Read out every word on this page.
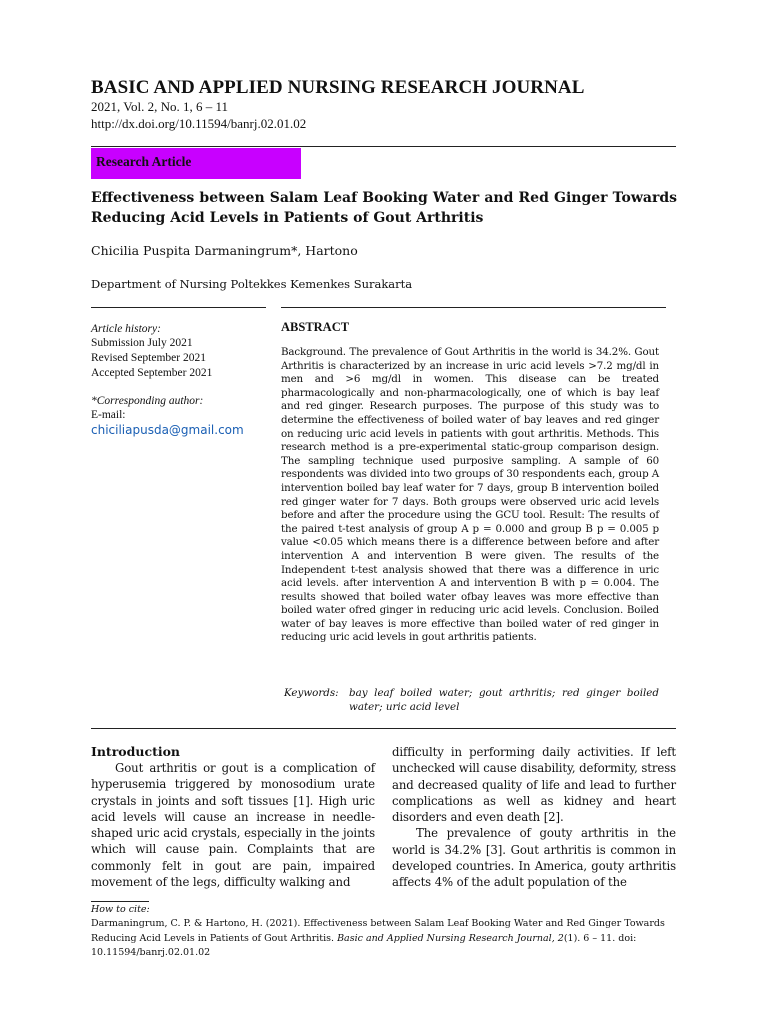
BASIC AND APPLIED NURSING RESEARCH JOURNAL
2021, Vol. 2, No. 1, 6 – 11
http://dx.doi.org/10.11594/banrj.02.01.02
Research Article
Effectiveness between Salam Leaf Booking Water and Red Ginger Towards Reducing Acid Levels in Patients of Gout Arthritis
Chicilia Puspita Darmaningrum*, Hartono
Department of Nursing Poltekkes Kemenkes Surakarta
Article history:
Submission July 2021
Revised September 2021
Accepted September 2021
*Corresponding author:
E-mail:
chiciliapusda@gmail.com
ABSTRACT
Background. The prevalence of Gout Arthritis in the world is 34.2%. Gout Arthritis is characterized by an increase in uric acid levels >7.2 mg/dl in men and >6 mg/dl in women. This disease can be treated pharmacologically and non-pharmacologically, one of which is bay leaf and red ginger. Research purposes. The purpose of this study was to determine the effectiveness of boiled water of bay leaves and red ginger on reducing uric acid levels in patients with gout arthritis. Methods. This research method is a pre-experimental static-group comparison design. The sampling technique used purposive sampling. A sample of 60 respondents was divided into two groups of 30 respondents each, group A intervention boiled bay leaf water for 7 days, group B intervention boiled red ginger water for 7 days. Both groups were observed uric acid levels before and after the procedure using the GCU tool. Result: The results of the paired t-test analysis of group A p = 0.000 and group B p = 0.005 p value <0.05 which means there is a difference between before and after intervention A and intervention B were given. The results of the Independent t-test analysis showed that there was a difference in uric acid levels. after intervention A and intervention B with p = 0.004. The results showed that boiled water ofbay leaves was more effective than boiled water ofred ginger in reducing uric acid levels. Conclusion. Boiled water of bay leaves is more effective than boiled water of red ginger in reducing uric acid levels in gout arthritis patients.
Keywords: bay leaf boiled water; gout arthritis; red ginger boiled water; uric acid level
Introduction

Gout arthritis or gout is a complication of hyperusemia triggered by monosodium urate crystals in joints and soft tissues [1]. High uric acid levels will cause an increase in needle-shaped uric acid crystals, especially in the joints which will cause pain. Complaints that are commonly felt in gout are pain, impaired movement of the legs, difficulty walking and

difficulty in performing daily activities. If left unchecked will cause disability, deformity, stress and decreased quality of life and lead to further complications as well as kidney and heart disorders and even death [2].

The prevalence of gouty arthritis in the world is 34.2% [3]. Gout arthritis is common in developed countries. In America, gouty arthritis affects 4% of the adult population of the

How to cite:
Darmaningrum, C. P. & Hartono, H. (2021). Effectiveness between Salam Leaf Booking Water and Red Ginger Towards Reducing Acid Levels in Patients of Gout Arthritis. Basic and Applied Nursing Research Journal, 2(1). 6 – 11. doi: 10.11594/banrj.02.01.02
